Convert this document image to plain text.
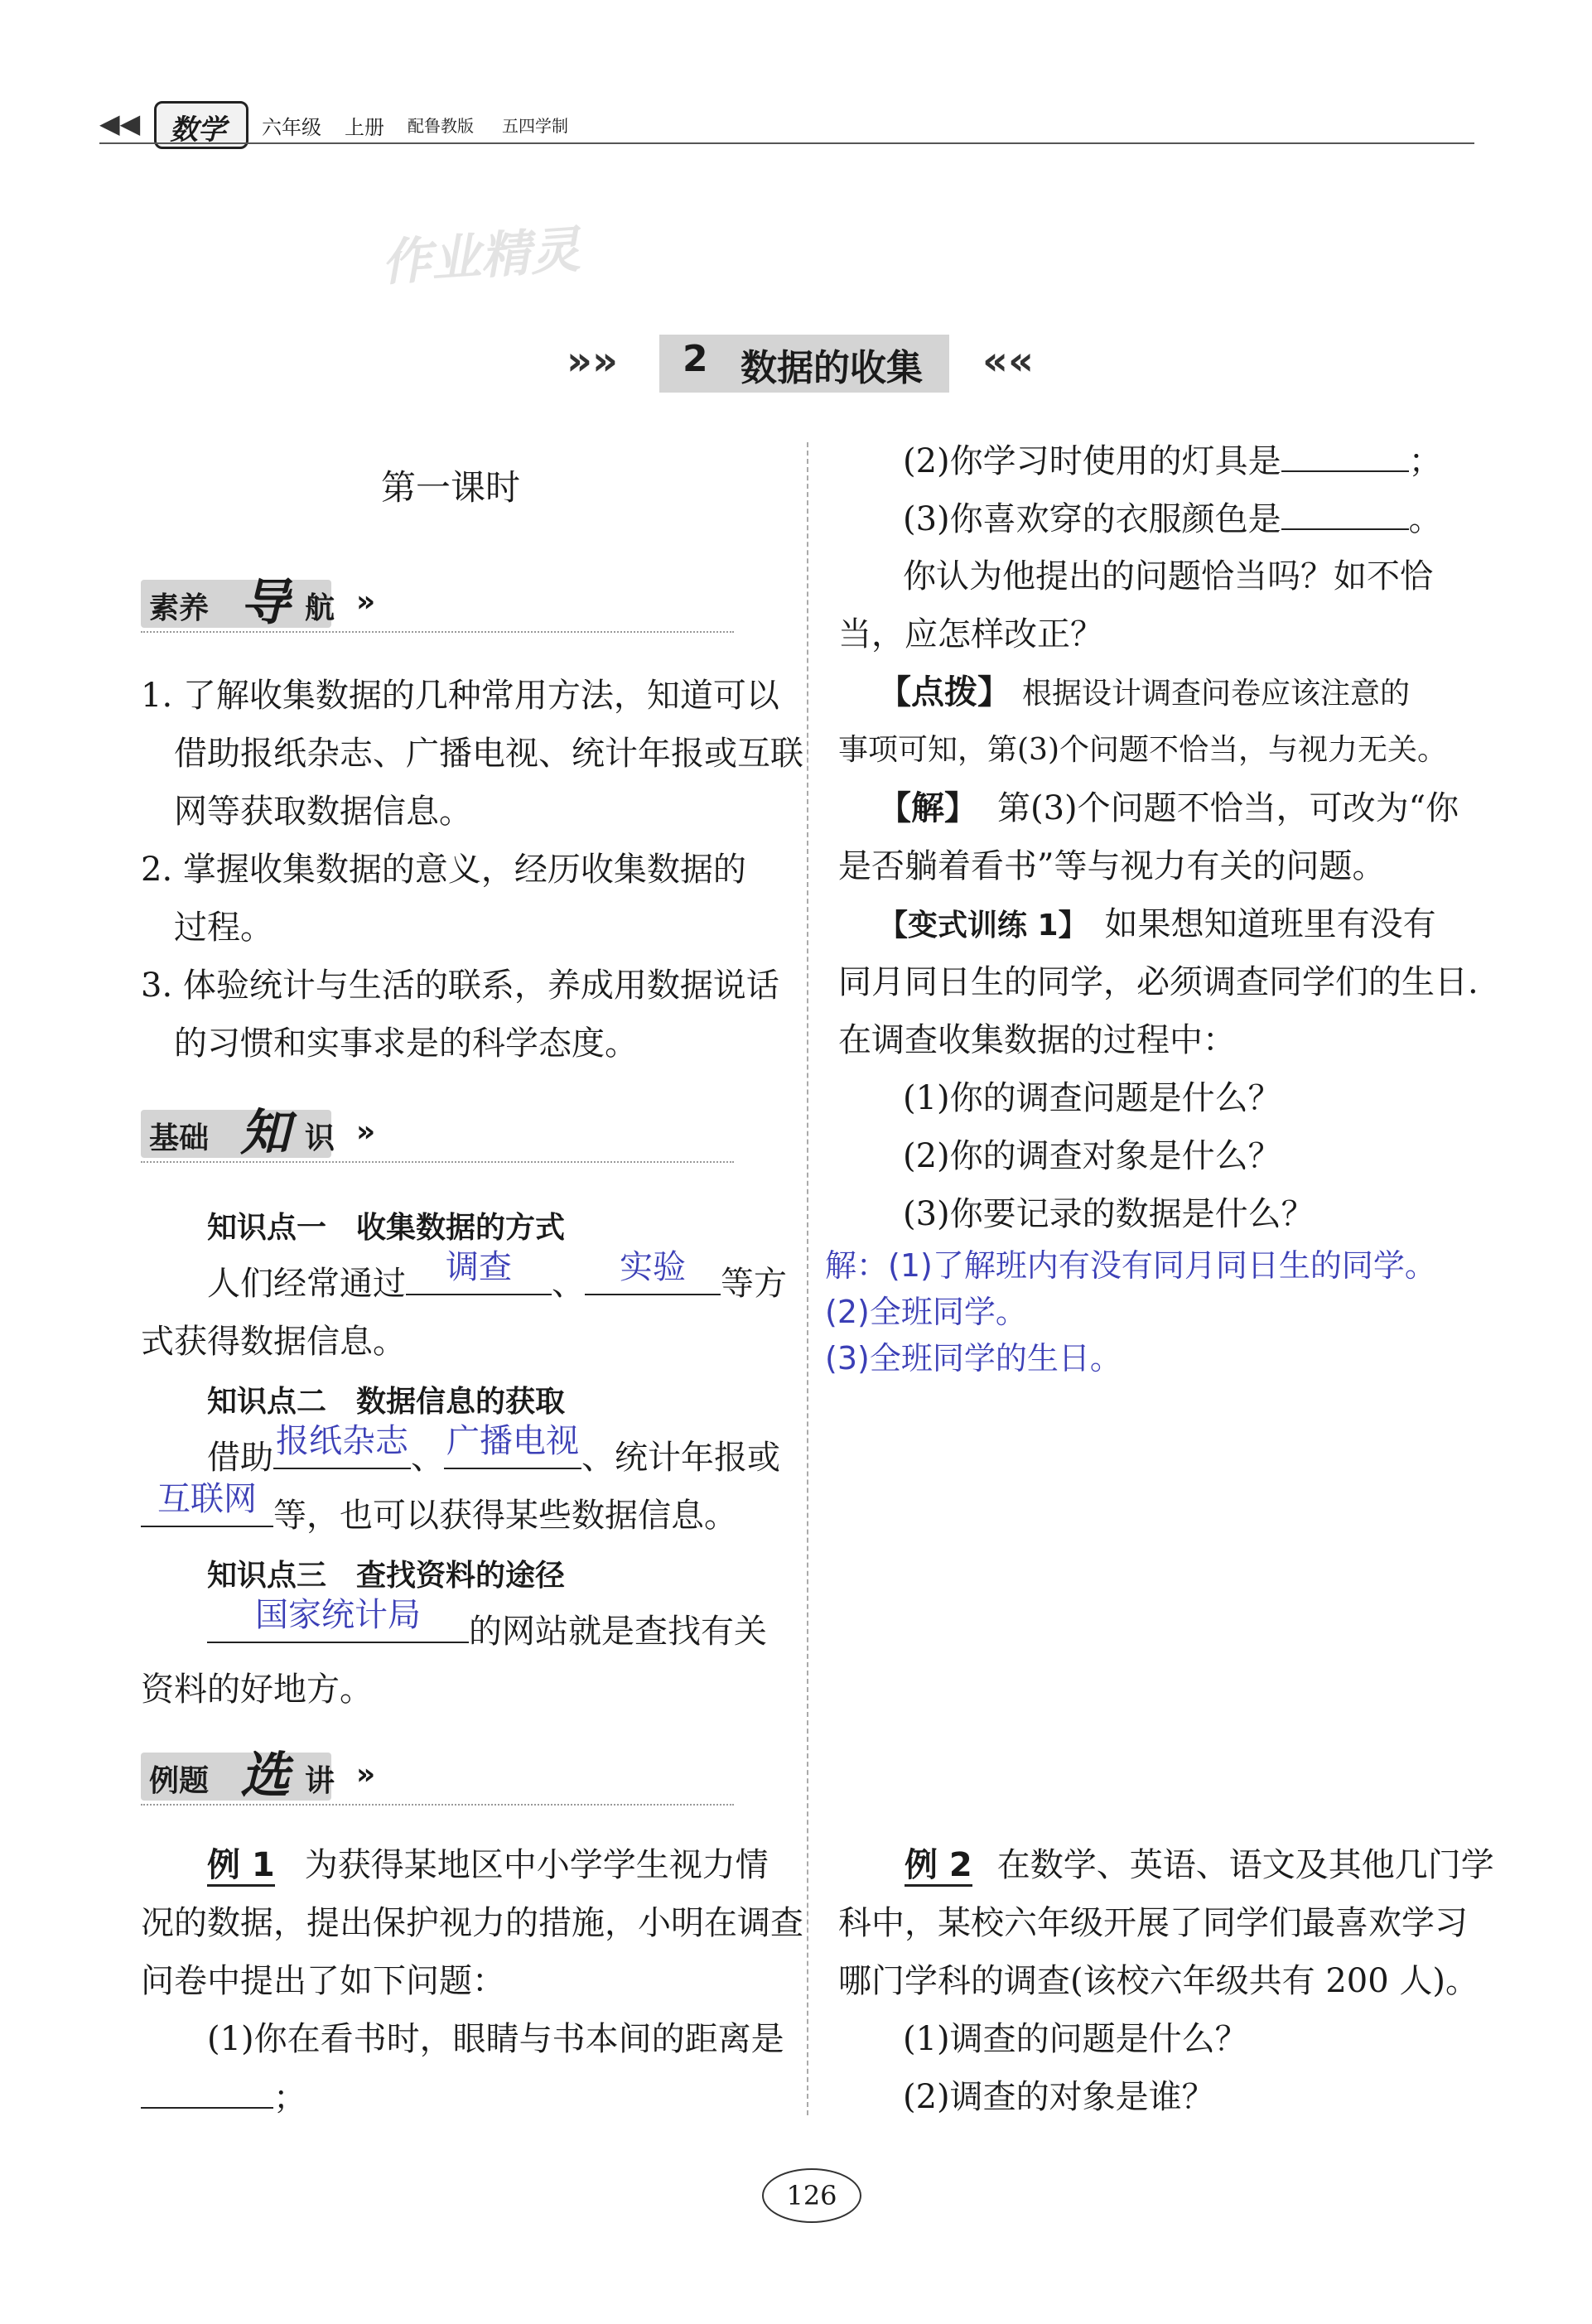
◀◀ 数学 六年级 上册 配鲁教版 五四学制
作业精灵
»» 2 数据的收集 ««
第一课时
素养 导 航 »
1. 了解收集数据的几种常用方法，知道可以
借助报纸杂志、广播电视、统计年报或互联
网等获取数据信息。
2. 掌握收集数据的意义，经历收集数据的
过程。
3. 体验统计与生活的联系，养成用数据说话
的习惯和实事求是的科学态度。
基础 知 识 »
知识点一　收集数据的方式
人们经常通过 调查 、 实验 等方
式获得数据信息。
知识点二　数据信息的获取
借助报纸杂志、广播电视、统计年报或
互联网 等，也可以获得某些数据信息。
知识点三　查找资料的途径
国家统计局 的网站就是查找有关
资料的好地方。
例题 选 讲 »
例 1 为获得某地区中小学学生视力情
况的数据，提出保护视力的措施，小明在调查
问卷中提出了如下问题：
(1)你在看书时，眼睛与书本间的距离是
；
(2)你学习时使用的灯具是	；
(3)你喜欢穿的衣服颜色是	。
你认为他提出的问题恰当吗？如不恰
当，应怎样改正？
【点拨】 根据设计调查问卷应该注意的
事项可知，第(3)个问题不恰当，与视力无关。
【解】 第(3)个问题不恰当，可改为“你
是否躺着看书”等与视力有关的问题。
【变式训练 1】 如果想知道班里有没有
同月同日生的同学，必须调查同学们的生日.
在调查收集数据的过程中：
(1)你的调查问题是什么？
(2)你的调查对象是什么？
(3)你要记录的数据是什么？
解：(1)了解班内有没有同月同日生的同学。
(2)全班同学。
(3)全班同学的生日。
例 2 在数学、英语、语文及其他几门学
科中，某校六年级开展了同学们最喜欢学习
哪门学科的调查(该校六年级共有 200 人)。
(1)调查的问题是什么？
(2)调查的对象是谁？
126
